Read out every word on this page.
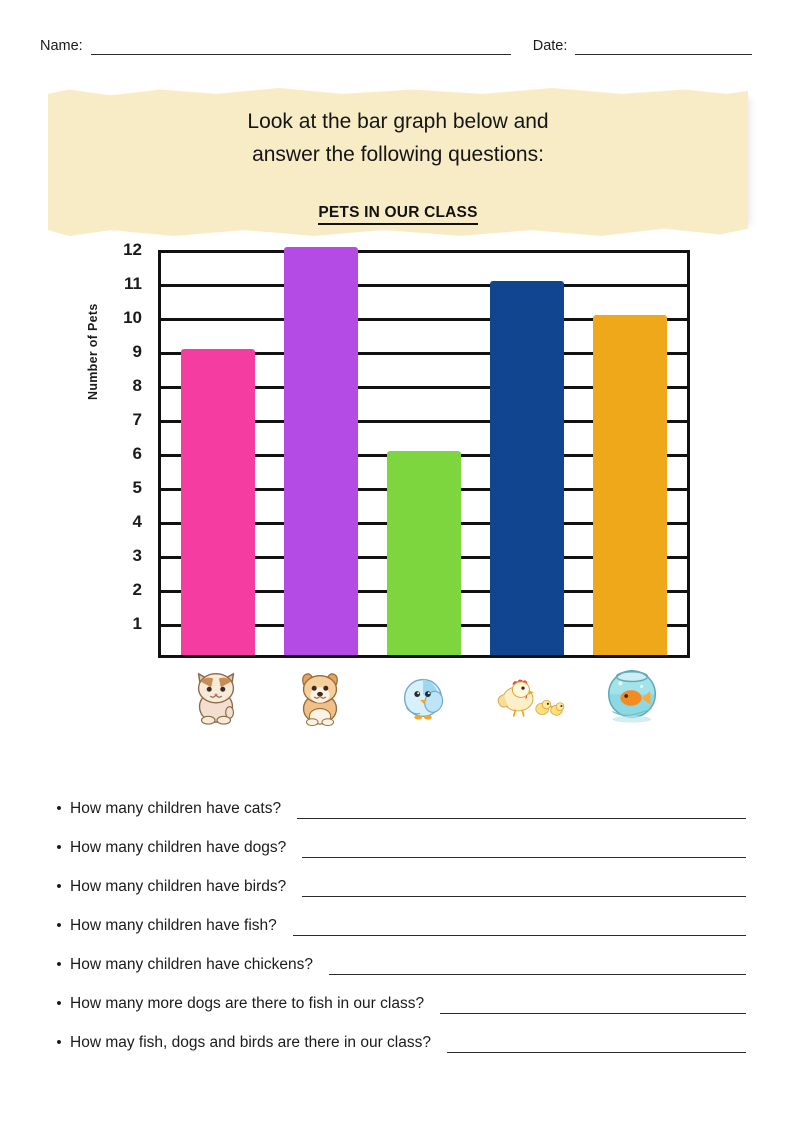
Name:	Date:
Look at the bar graph below and
answer the following questions:
PETS IN OUR CLASS
Number of Pets
1
2
3
4
5
6
7
8
9
10
11
12
• How many children have cats?
• How many children have dogs?
• How many children have birds?
• How many children have fish?
• How many children have chickens?
• How many more dogs are there to fish in our class?
• How may fish, dogs and birds are there in our class?
